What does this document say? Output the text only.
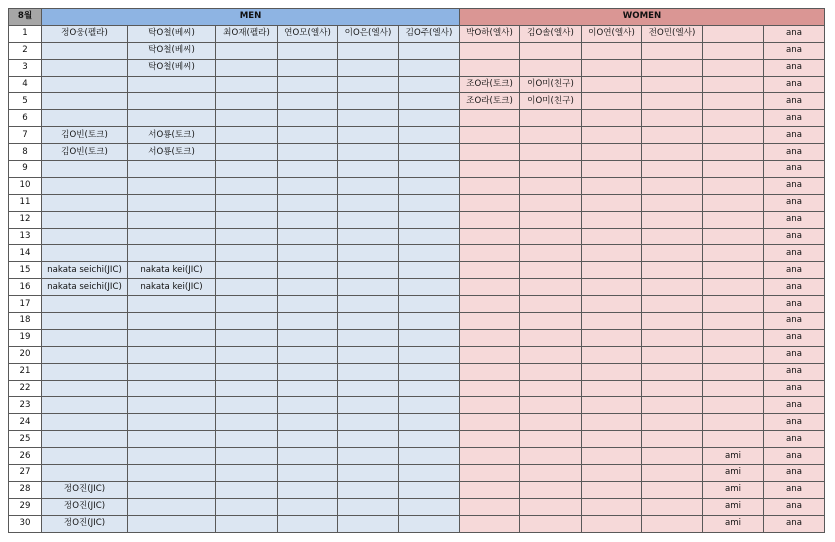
8월	MEN						WOMEN					
1	정O웅(펠라)	탁O철(베씨)	최O재(펠라)	연O모(엘사)	이O은(엘사)	김O주(엘사)	박O하(엘사)	김O솔(엘사)	이O연(엘사)	전O민(엘사)		ana
2		탁O철(베씨)										ana
3		탁O철(베씨)										ana
4							조O라(토크)	이O미(친구)				ana
5							조O라(토크)	이O미(친구)				ana
6												ana
7	김O빈(토크)	서O룡(토크)										ana
8	김O빈(토크)	서O룡(토크)										ana
9												ana
10												ana
11												ana
12												ana
13												ana
14												ana
15	nakata seichi(JIC)	nakata kei(JIC)										ana
16	nakata seichi(JIC)	nakata kei(JIC)										ana
17												ana
18												ana
19												ana
20												ana
21												ana
22												ana
23												ana
24												ana
25												ana
26											ami	ana
27											ami	ana
28	정O진(JIC)										ami	ana
29	정O진(JIC)										ami	ana
30	정O진(JIC)										ami	ana
